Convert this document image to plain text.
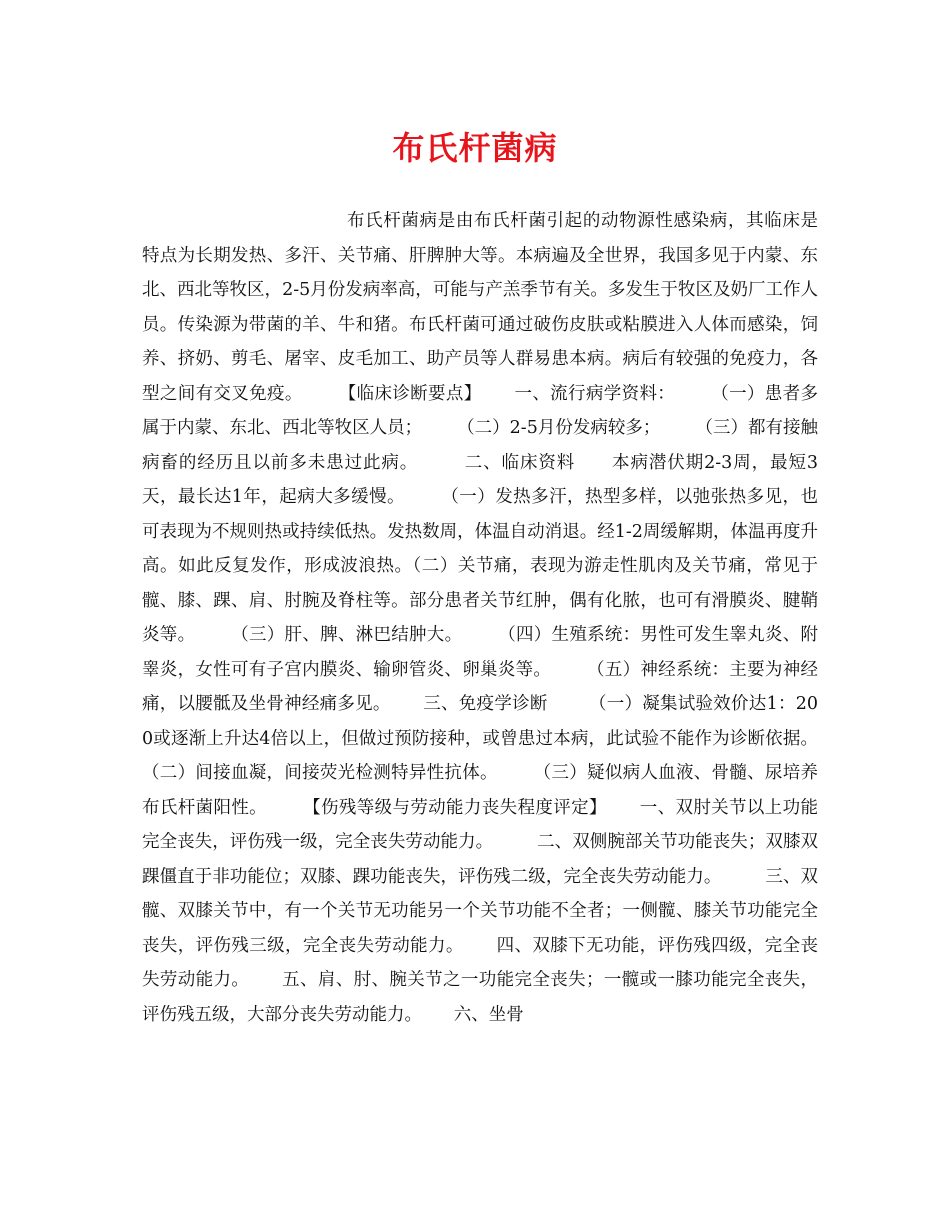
布氏杆菌病

布氏杆菌病是由布氏杆菌引起的动物源性感染病，其临床是特点为长期发热、多汗、关节痛、肝脾肿大等。本病遍及全世界，我国多见于内蒙、东北、西北等牧区，2-5月份发病率高，可能与产羔季节有关。多发生于牧区及奶厂工作人员。传染源为带菌的羊、牛和猪。布氏杆菌可通过破伤皮肤或粘膜进入人体而感染，饲养、挤奶、剪毛、屠宰、皮毛加工、助产员等人群易患本病。病后有较强的免疫力，各型之间有交叉免疫。　　　【临床诊断要点】　　 一、流行病学资料：　　　（一）患者多属于内蒙、东北、西北等牧区人员；　　　（二）2-5月份发病较多；　　　（三）都有接触病畜的经历且以前多未患过此病。　　　二、临床资料　　本病潜伏期2-3周，最短3天，最长达1年，起病大多缓慢。　　　（一）发热多汗，热型多样，以弛张热多见，也可表现为不规则热或持续低热。发热数周，体温自动消退。经1-2周缓解期，体温再度升高。如此反复发作，形成波浪热。（二）关节痛，表现为游走性肌肉及关节痛，常见于髋、膝、踝、肩、肘腕及脊柱等。部分患者关节红肿，偶有化脓，也可有滑膜炎、腱鞘炎等。　　　（三）肝、脾、淋巴结肿大。　　　（四）生殖系统：男性可发生睾丸炎、附睾炎，女性可有子宫内膜炎、输卵管炎、卵巢炎等。　　　（五）神经系统：主要为神经痛，以腰骶及坐骨神经痛多见。　　 三、免疫学诊断　　 （一）凝集试验效价达1：200或逐渐上升达4倍以上，但做过预防接种，或曾患过本病，此试验不能作为诊断依据。（二）间接血凝，间接荧光检测特异性抗体。　　　（三）疑似病人血液、骨髓、尿培养布氏杆菌阳性。　　　【伤残等级与劳动能力丧失程度评定】　　 一、双肘关节以上功能完全丧失，评伤残一级，完全丧失劳动能力。　　　二、双侧腕部关节功能丧失；双膝双踝僵直于非功能位；双膝、踝功能丧失，评伤残二级，完全丧失劳动能力。　　　三、双髋、双膝关节中，有一个关节无功能另一个关节功能不全者；一侧髋、膝关节功能完全丧失，评伤残三级，完全丧失劳动能力。　　 四、双膝下无功能，评伤残四级，完全丧失劳动能力。　　 五、肩、肘、腕关节之一功能完全丧失；一髋或一膝功能完全丧失，评伤残五级，大部分丧失劳动能力。　　 六、坐骨
